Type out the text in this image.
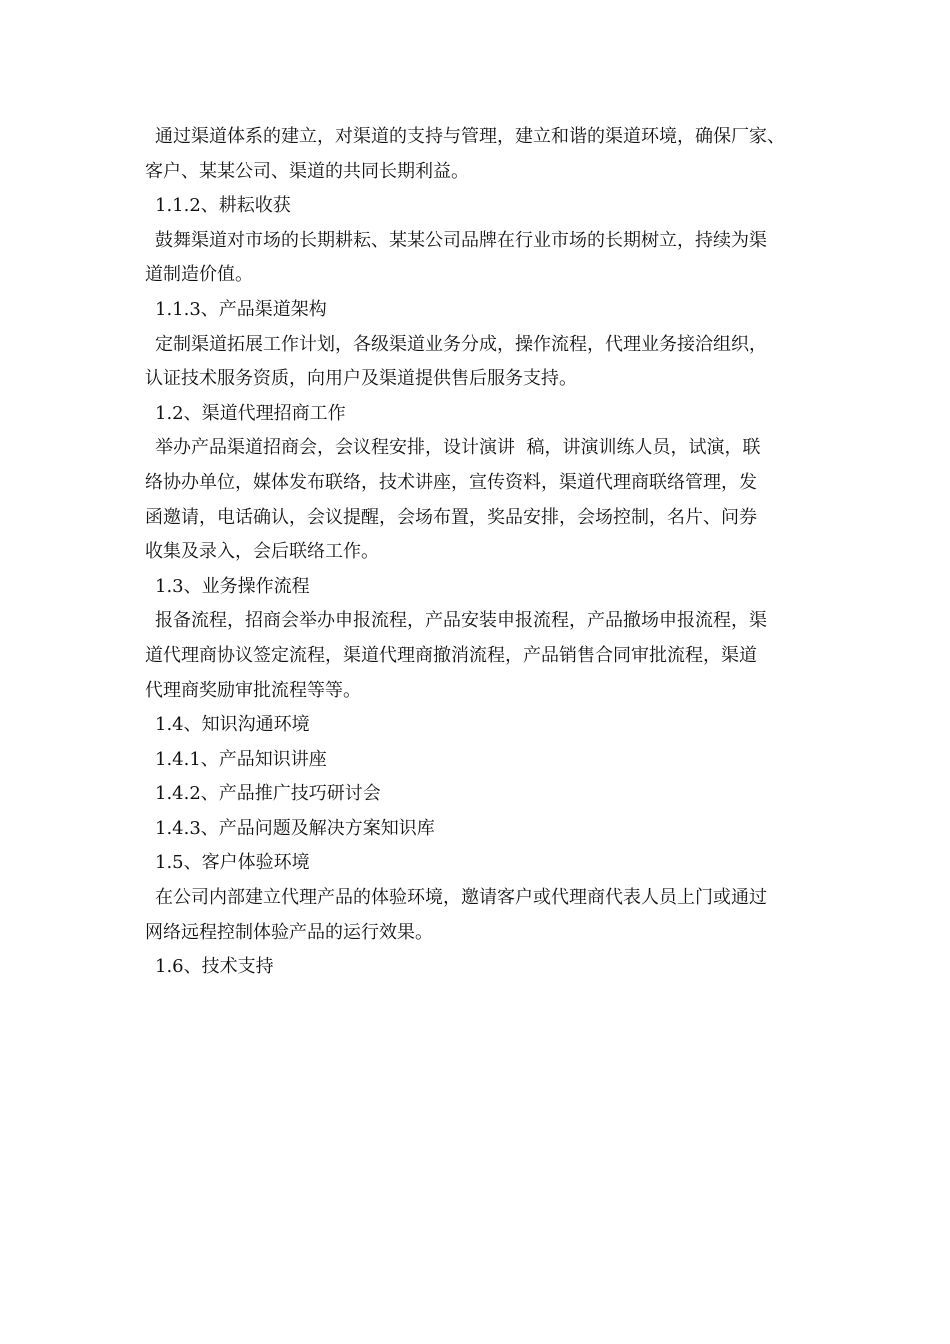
通过渠道体系的建立，对渠道的支持与管理，建立和谐的渠道环境，确保厂家、
客户、某某公司、渠道的共同长期利益。
1.1.2、耕耘收获
鼓舞渠道对市场的长期耕耘、某某公司品牌在行业市场的长期树立，持续为渠
道制造价值。
1.1.3、产品渠道架构
定制渠道拓展工作计划，各级渠道业务分成，操作流程，代理业务接洽组织，
认证技术服务资质，向用户及渠道提供售后服务支持。
1.2、渠道代理招商工作
举办产品渠道招商会，会议程安排，设计演讲  稿，讲演训练人员，试演，联
络协办单位，媒体发布联络，技术讲座，宣传资料，渠道代理商联络管理，发
函邀请，电话确认，会议提醒，会场布置，奖品安排，会场控制，名片、问券
收集及录入，会后联络工作。
1.3、业务操作流程
报备流程，招商会举办申报流程，产品安装申报流程，产品撤场申报流程，渠
道代理商协议签定流程，渠道代理商撤消流程，产品销售合同审批流程，渠道
代理商奖励审批流程等等。
1.4、知识沟通环境
1.4.1、产品知识讲座
1.4.2、产品推广技巧研讨会
1.4.3、产品问题及解决方案知识库
1.5、客户体验环境
在公司内部建立代理产品的体验环境，邀请客户或代理商代表人员上门或通过
网络远程控制体验产品的运行效果。
1.6、技术支持
